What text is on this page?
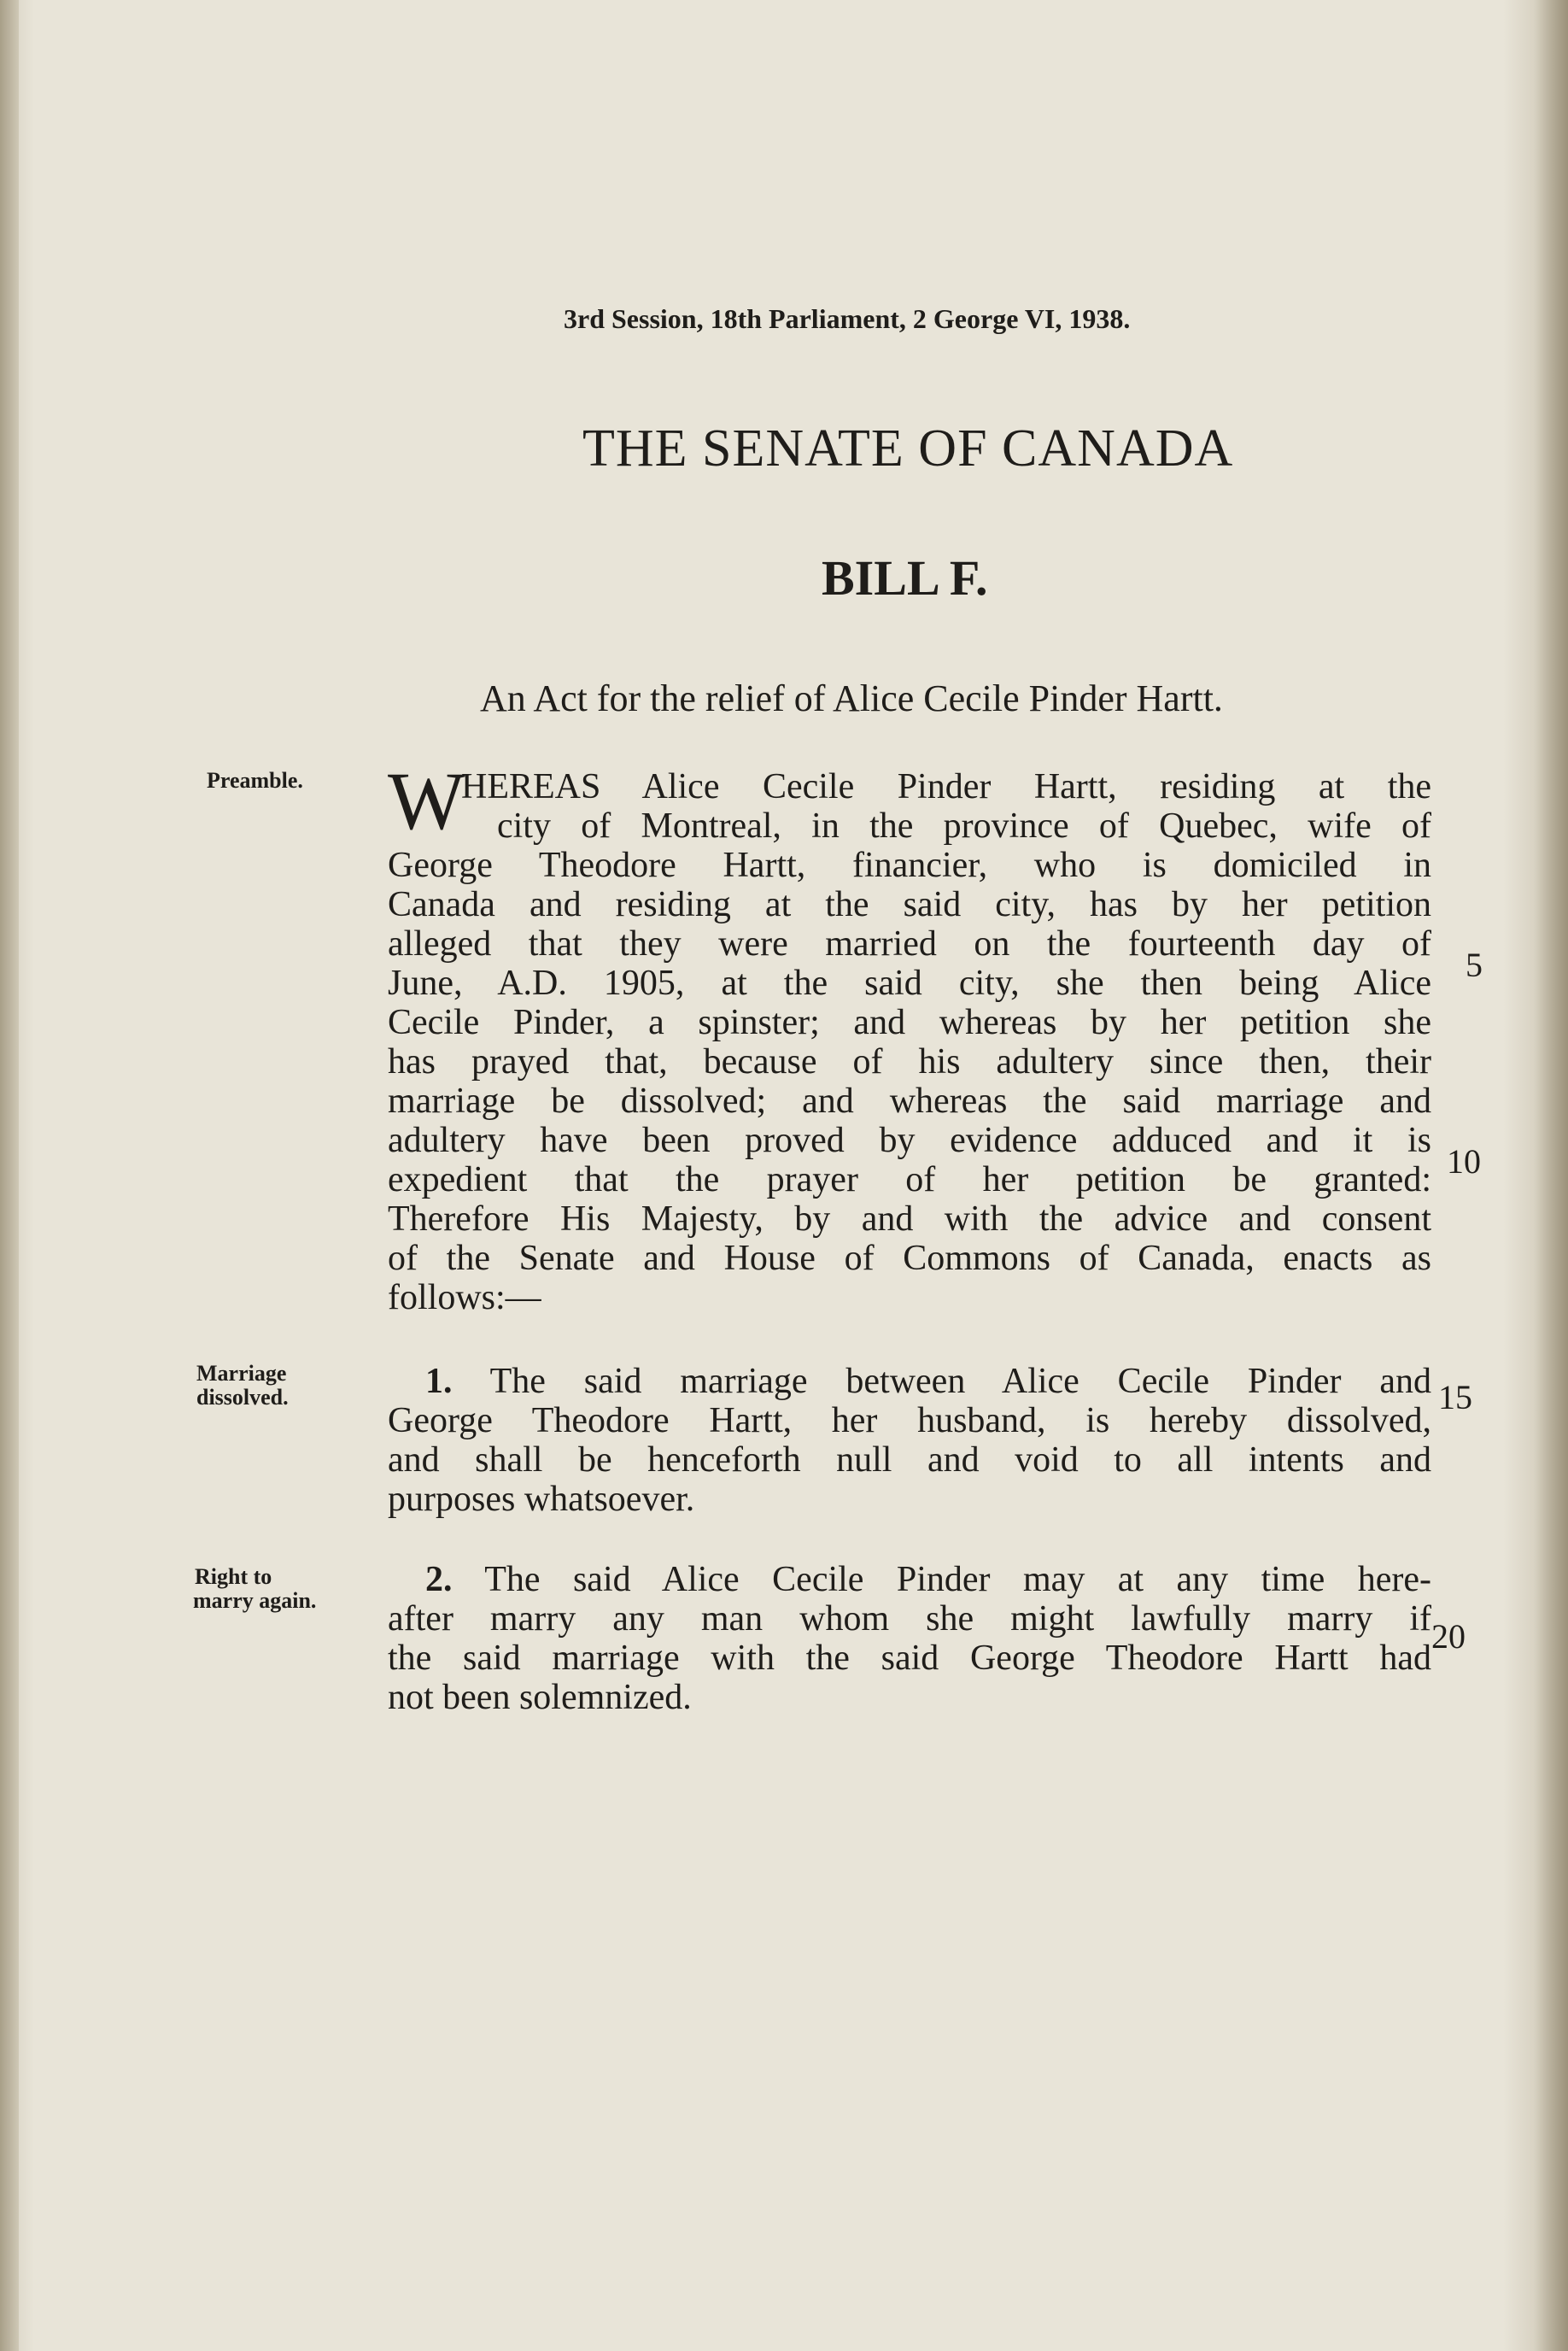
3rd Session, 18th Parliament, 2 George VI, 1938.
THE SENATE OF CANADA
BILL F.
An Act for the relief of Alice Cecile Pinder Hartt.
Preamble.
Marriage
dissolved.
Right to
marry again.
W
HEREAS Alice Cecile Pinder Hartt, residing at the
city of Montreal, in the province of Quebec, wife of
George Theodore Hartt, financier, who is domiciled in
Canada and residing at the said city, has by her petition
alleged that they were married on the fourteenth day of
June, A.D. 1905, at the said city, she then being Alice
Cecile Pinder, a spinster; and whereas by her petition she
has prayed that, because of his adultery since then, their
marriage be dissolved; and whereas the said marriage and
adultery have been proved by evidence adduced and it is
expedient that the prayer of her petition be granted:
Therefore His Majesty, by and with the advice and consent
of the Senate and House of Commons of Canada, enacts as
follows:—
1. The said marriage between Alice Cecile Pinder and
George Theodore Hartt, her husband, is hereby dissolved,
and shall be henceforth null and void to all intents and
purposes whatsoever.
2. The said Alice Cecile Pinder may at any time here-
after marry any man whom she might lawfully marry if
the said marriage with the said George Theodore Hartt had
not been solemnized.
5
10
15
20
